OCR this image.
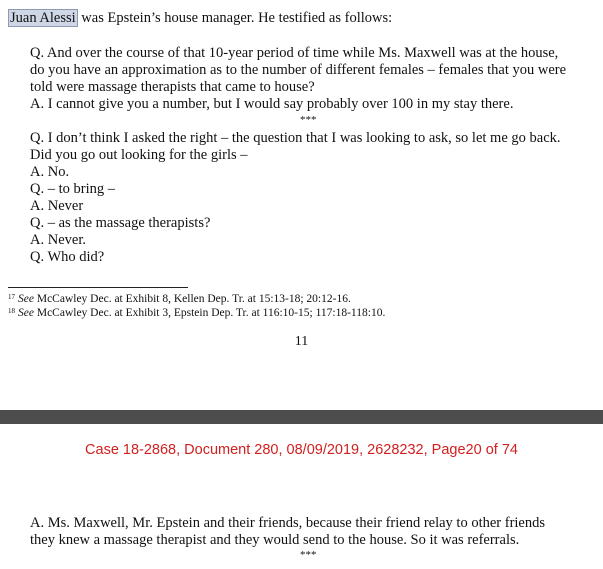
Juan Alessi was Epstein’s house manager. He testified as follows:
Q. And over the course of that 10-year period of time while Ms. Maxwell was at the house,
do you have an approximation as to the number of different females – females that you were
told were massage therapists that came to house?
A. I cannot give you a number, but I would say probably over 100 in my stay there.
***
Q. I don’t think I asked the right – the question that I was looking to ask, so let me go back.
Did you go out looking for the girls –
A. No.
Q. – to bring –
A. Never
Q. – as the massage therapists?
A. Never.
Q. Who did?
$^{17}$ See McCawley Dec. at Exhibit 8, Kellen Dep. Tr. at 15:13-18; 20:12-16.
$^{18}$ See McCawley Dec. at Exhibit 3, Epstein Dep. Tr. at 116:10-15; 117:18-118:10.
11
Case 18-2868, Document 280, 08/09/2019, 2628232, Page20 of 74
A. Ms. Maxwell, Mr. Epstein and their friends, because their friend relay to other friends
they knew a massage therapist and they would send to the house. So it was referrals.
***
